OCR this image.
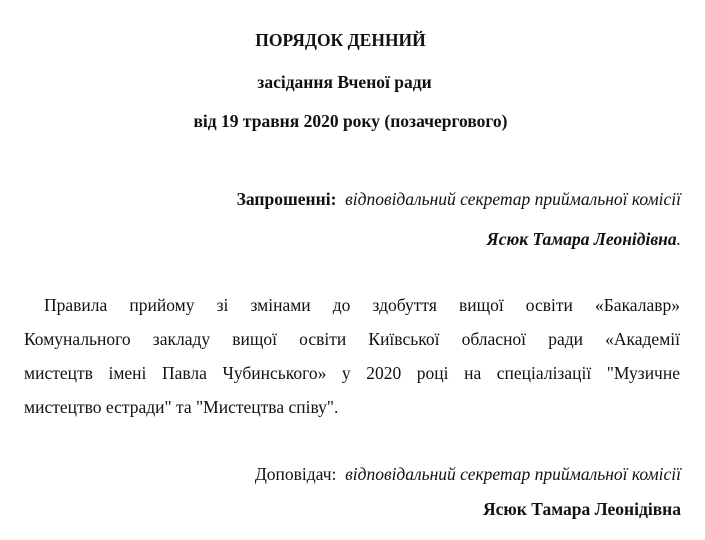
ПОРЯДОК ДЕННИЙ
засідання Вченої ради
від 19 травня 2020 року (позачергового)
Запрошенні: відповідальний секретар приймальної комісії
Ясюк Тамара Леонідівна.
Правила прийому зі змінами до здобуття вищої освіти «Бакалавр»
Комунального закладу вищої освіти Київської обласної ради «Академії
мистецтв імені Павла Чубинського» у 2020 році на спеціалізації "Музичне
мистецтво естради" та "Мистецтва співу".
Доповідач: відповідальний секретар приймальної комісії
Ясюк Тамара Леонідівна
